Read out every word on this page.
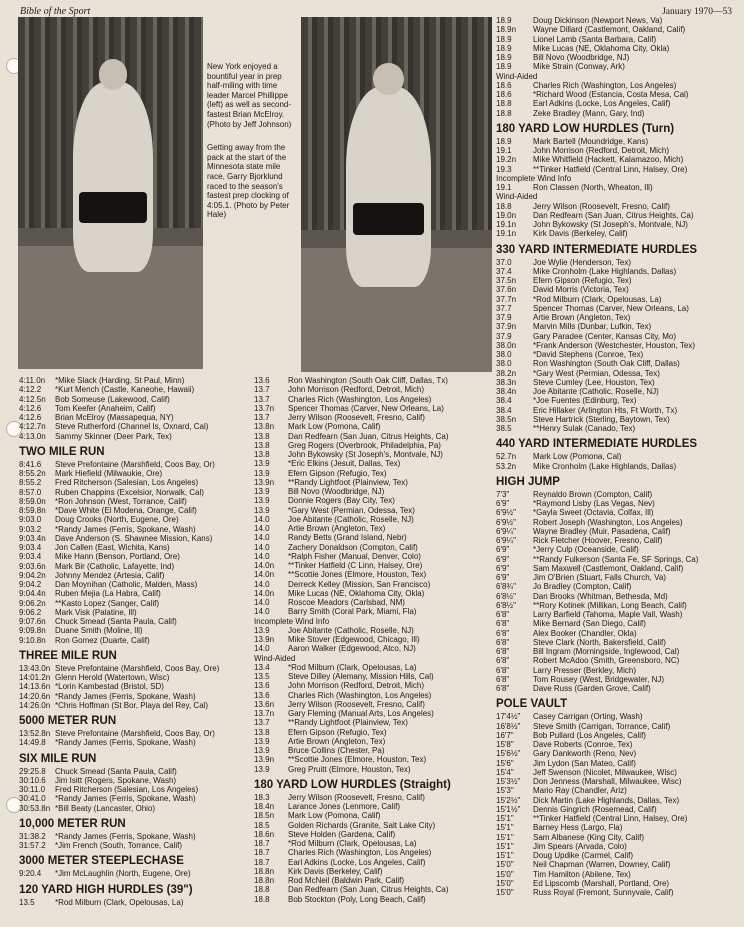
Bible of the Sport	January 1970—53

New York enjoyed a bountiful year in prep half-miling with time leader Marcel Phillippe (left) as well as second-fastest Brian McElroy. (Photo by Jeff Johnson)

Getting away from the pack at the start of the Minnesota state mile race, Garry Bjorklund raced to the season's fastest prep clocking of 4:05.1. (Photo by Peter Hale)

4:11.0n	*Mike Slack (Harding, St Paul, Minn)
4:12.2	*Kurt Mench (Castle, Kaneohe, Hawaii)
4:12.5n	Bob Someuse (Lakewood, Calif)
4:12.6	Tom Keefer (Anaheim, Calif)
4:12.6	Brian McElroy (Massapequa, NY)
4:12.7n	Steve Rutherford (Channel Is, Oxnard, Cal)
4:13.0n	Sammy Skinner (Deer Park, Tex)
TWO MILE RUN
8:41.6	Steve Prefontaine (Marshfield, Coos Bay, Or)
8:55.2n	Mark Hiefield (Milwaukie, Ore)
8:55.2	Fred Ritcherson (Salesian, Los Angeles)
8:57.0	Ruben Chappins (Excelsior, Norwalk, Cal)
8:59.0n	*Ron Johnson (West, Torrance, Calif)
8:59.8n	*Dave White (El Modena, Orange, Calif)
9:03.0	Doug Crooks (North, Eugene, Ore)
9:03.2	*Randy James (Ferris, Spokane, Wash)
9:03.4n	Dave Anderson (S. Shawnee Mission, Kans)
9:03.4	Jon Callen (East, Wichita, Kans)
9:03.4	Mike Hann (Benson, Portland, Ore)
9:03.6n	Mark Bir (Catholic, Lafayette, Ind)
9:04.2n	Johnny Mendez (Artesia, Calif)
9:04.2	Dan Moynihan (Catholic, Malden, Mass)
9:04.4n	Ruben Mejia (La Habra, Calif)
9:06.2n	**Kasto Lopez (Sanger, Calif)
9:06.2	Mark Visk (Palatine, Ill)
9:07.6n	Chuck Smead (Santa Paula, Calif)
9:09.8n	Duane Smith (Moline, Ill)
9:10.8n	Ron Gomez (Duarte, Calif)
THREE MILE RUN
13:43.0n Steve Prefontaine (Marshfield, Coos Bay, Ore)
14:01.2n Glenn Herold (Watertown, Wisc)
14:13.6n *Lorin Kambestad (Bristol, SD)
14:20.6n *Randy James (Ferris, Spokane, Wash)
14:26.0n *Chris Hoffman (St Bor, Playa del Rey, Cal)
5000 METER RUN
13:52.8n Steve Prefontaine (Marshfield, Coos Bay, Or)
14:49.8	*Randy James (Ferris, Spokane, Wash)
SIX MILE RUN
29:25.8	Chuck Smead (Santa Paula, Calif)
30:10.6	Jim Isitt (Rogers, Spokane, Wash)
30:11.0	Fred Ritcherson (Salesian, Los Angeles)
30:41.0	*Randy James (Ferris, Spokane, Wash)
30:53.8n *Bill Beaty (Lancaster, Ohio)
10,000 METER RUN
31:38.2	*Randy James (Ferris, Spokane, Wash)
31:57.2	*Jim French (South, Torrance, Calif)
3000 METER STEEPLECHASE
9:20.4	*Jim McLaughlin (North, Eugene, Ore)
120 YARD HIGH HURDLES (39")
13.5	*Rod Milburn (Clark, Opelousas, La)
13.6	Ron Washington (South Oak Cliff, Dallas, Tx)
13.7	John Morrison (Redford, Detroit, Mich)
13.7	Charles Rich (Washington, Los Angeles)
13.7n	Spencer Thomas (Carver, New Orleans, La)
13.7	Jerry Wilson (Roosevelt, Fresno, Calif)
13.8n	Mark Low (Pomona, Calif)
13.8	Dan Redfearn (San Juan, Citrus Heights, Ca)
13.8	Greg Rogers (Overbrook, Philadelphia, Pa)
13.8	John Bykowsky (St Joseph's, Montvale, NJ)
13.9	*Eric Elkins (Jesuit, Dallas, Tex)
13.9	Efern Gipson (Refugio, Tex)
13.9n	**Randy Lightfoot (Plainview, Tex)
13.9	Bill Novo (Woodbridge, NJ)
13.9	Donnie Rogers (Bay City, Tex)
13.9	*Gary West (Permian, Odessa, Tex)
14.0	Joe Abitante (Catholic, Roselle, NJ)
14.0	Artie Brown (Angleton, Tex)
14.0	Randy Betts (Grand Island, Nebr)
14.0	Zachery Donaldson (Compton, Calif)
14.0	*Ralph Fisher (Manual, Denver, Colo)
14.0n	**Tinker Hatfield (C Linn, Halsey, Ore)
14.0n	**Scottie Jones (Elmore, Houston, Tex)
14.0	Derreck Kelley (Mission, San Francisco)
14.0n	Mike Lucas (NE, Oklahoma City, Okla)
14.0	Roscoe Meadors (Carlsbad, NM)
14.0	Barry Smith (Coral Park, Miami, Fla)
Incomplete Wind Info
13.9	Joe Abitante (Catholic, Roselle, NJ)
13.9n	Mike Stover (Edgewood, Chicago, Ill)
14.0	Aaron Walker (Edgewood, Atco, NJ)
Wind-Aided
13.4	*Rod Milburn (Clark, Opelousas, La)
13.5	Steve Dilley (Alemany, Mission Hills, Cal)
13.6	John Morrison (Redford, Detroit, Mich)
13.6	Charles Rich (Washington, Los Angeles)
13.6n	Jerry Wilson (Roosevelt, Fresno, Calif)
13.7n	Gary Fleming (Manual Arts, Los Angeles)
13.7	**Randy Lightfoot (Plainview, Tex)
13.8	Efern Gipson (Refugio, Tex)
13.9	Artie Brown (Angleton, Tex)
13.9	Bruce Collins (Chester, Pa)
13.9n	**Scottie Jones (Elmore, Houston, Tex)
13.9	Greg Pruitt (Elmore, Houston, Tex)
180 YARD LOW HURDLES (Straight)
18.3	Jerry Wilson (Roosevelt, Fresno, Calif)
18.4n	Larance Jones (Lenmore, Calif)
18.5n	Mark Low (Pomona, Calif)
18.5	Golden Richards (Granite, Salt Lake City)
18.6n	Steve Holden (Gardena, Calif)
18.7	*Rod Milburn (Clark, Opelousas, La)
18.7	Charles Rich (Washington, Los Angeles)
18.7	Earl Adkins (Locke, Los Angeles, Calif)
18.8n	Kirk Davis (Berkeley, Calif)
18.8n	Rod McNeil (Baldwin Park, Calif)
18.8	Dan Redfearn (San Juan, Citrus Heights, Ca)
18.8	Bob Stockton (Poly, Long Beach, Calif)
18.9	Doug Dickinson (Newport News, Va)
18.9n	Wayne Dillard (Castlemont, Oakland, Calif)
18.9	Lionel Lamb (Santa Barbara, Calif)
18.9	Mike Lucas (NE, Oklahoma City, Okla)
18.9	Bill Novo (Woodbridge, NJ)
18.9	Mike Strain (Conway, Ark)
Wind-Aided
18.6	Charles Rich (Washington, Los Angeles)
18.6	*Richard Wood (Estancia, Costa Mesa, Cal)
18.8	Earl Adkins (Locke, Los Angeles, Calif)
18.8	Zeke Bradley (Mann, Gary, Ind)
180 YARD LOW HURDLES (Turn)
18.9	Mark Bartell (Moundridge, Kans)
19.1	John Morrison (Redford, Detroit, Mich)
19.2n	Mike Whitfield (Hackett, Kalamazoo, Mich)
19.3	**Tinker Hatfield (Central Linn, Halsey, Ore)
Incomplete Wind Info
19.1	Ron Classen (North, Wheaton, Ill)
Wind-Aided
18.8	Jerry Wilson (Roosevelt, Fresno, Calif)
19.0n	Dan Redfearn (San Juan, Citrus Heights, Ca)
19.1n	John Bykowsky (St Joseph's, Montvale, NJ)
19.1n	Kirk Davis (Berkeley, Calif)
330 YARD INTERMEDIATE HURDLES
37.0	Joe Wylie (Henderson, Tex)
37.4	Mike Cronholm (Lake Highlands, Dallas)
37.5n	Efern Gipson (Refugio, Tex)
37.6n	David Morris (Victoria, Tex)
37.7n	*Rod Milburn (Clark, Opelousas, La)
37.7	Spencer Thomas (Carver, New Orleans, La)
37.9	Artie Brown (Angleton, Tex)
37.9n	Marvin Mills (Dunbar, Lufkin, Tex)
37.9	Gary Paradee (Center, Kansas City, Mo)
38.0n	*Frank Anderson (Westchester, Houston, Tex)
38.0	*David Stephens (Conroe, Tex)
38.0	Ron Washington (South Oak Cliff, Dallas)
38.2n	*Gary West (Permian, Odessa, Tex)
38.3n	Steve Cumley (Lee, Houston, Tex)
38.4n	Joe Abitante (Catholic, Roselle, NJ)
38.4	*Joe Fuentes (Edinburg, Tex)
38.4	Eric Hillaker (Arlington Hts, Ft Worth, Tx)
38.5n	Steve Hartrick (Sterling, Baytown, Tex)
38.5	**Henry Sulak (Canado, Tex)
440 YARD INTERMEDIATE HURDLES
52.7n	Mark Low (Pomona, Cal)
53.2n	Mike Cronholm (Lake Highlands, Dallas)
HIGH JUMP
7'3"	Reynaldo Brown (Compton, Calif)
6'9"	*Raymond Lisby (Las Vegas, Nev)
6'9½"	*Gayla Sweet (Octavia, Colfax, Ill)
6'9½"	Robert Joseph (Washington, Los Angeles)
6'9¼"	Wayne Bradley (Muir, Pasadena, Calif)
6'9¼"	Rick Fletcher (Hoover, Fresno, Calif)
6'9"	*Jerry Culp (Oceanside, Calif)
6'9"	**Randy Fulkerson (Santa Fe, SF Springs, Ca)
6'9"	Sam Maxwell (Castlemont, Oakland, Calif)
6'9"	Jim O'Brien (Stuart, Falls Church, Va)
6'8¾"	Jo Bradley (Compton, Calif)
6'8½"	Dan Brooks (Whitman, Bethesda, Md)
6'8½"	**Rory Kotinek (Millikan, Long Beach, Calif)
6'8"	Larry Barfield (Tahoma, Maple Vall, Wash)
6'8"	Mike Bernard (San Diego, Calif)
6'8"	Alex Booker (Chandler, Okla)
6'8"	Steve Clark (North, Bakersfield, Calif)
6'8"	Bill Ingram (Morningside, Inglewood, Cal)
6'8"	Robert McAdoo (Smith, Greensboro, NC)
6'8"	Larry Presser (Berkley, Mich)
6'8"	Tom Rousey (West, Bridgewater, NJ)
6'8"	Dave Russ (Garden Grove, Calif)
POLE VAULT
17'4½"	Casey Carrigan (Orting, Wash)
16'8½"	Steve Smith (Carrigan, Torrance, Calif)
16'7"	Bob Pullard (Los Angeles, Calif)
15'8"	Dave Roberts (Conroe, Tex)
15'6½"	Gary Dankworth (Reno, Nev)
15'6"	Jim Lydon (San Mateo, Calif)
15'4"	Jeff Swenson (Nicolet, Milwaukee, Wisc)
15'3½"	Don Jenness (Marshall, Milwaukee, Wisc)
15'3"	Mario Ray (Chandler, Ariz)
15'2½"	Dick Martin (Lake Highlands, Dallas, Tex)
15'1½"	Dennis Gingrich (Rosemead, Calif)
15'1"	**Tinker Hatfield (Central Linn, Halsey, Ore)
15'1"	Barney Hess (Largo, Fla)
15'1"	Sam Albanese (King City, Calif)
15'1"	Jim Spears (Arvada, Colo)
15'1"	Doug Updike (Carmel, Calif)
15'0"	Neil Chapman (Warren, Downey, Calif)
15'0"	Tim Hamilton (Abilene, Tex)
15'0"	Ed Lipscomb (Marshall, Portland, Ore)
15'0"	Russ Royal (Fremont, Sunnyvale, Calif)
